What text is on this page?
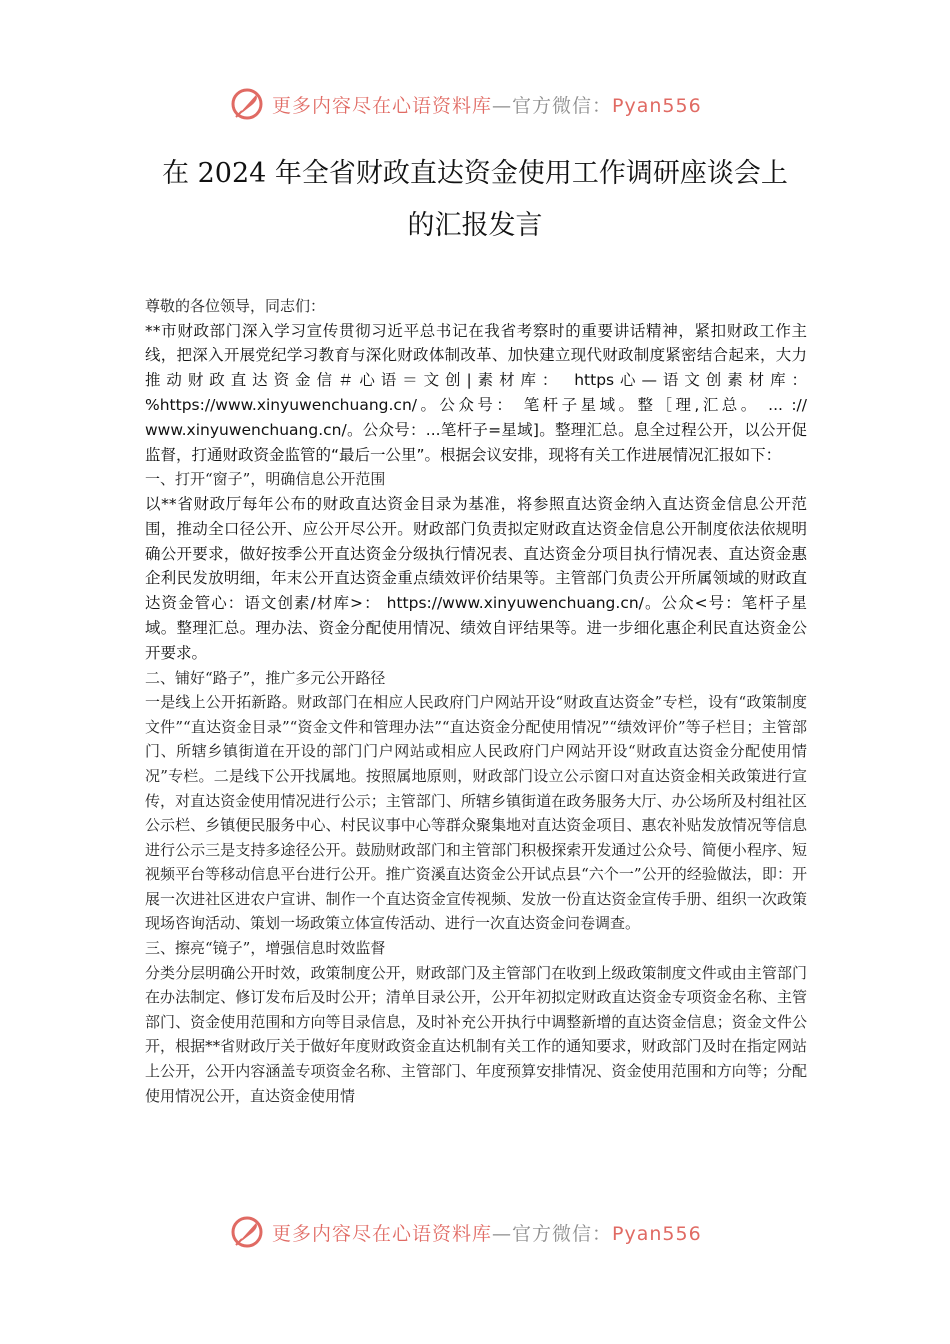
更多内容尽在心语资料库—官方微信：Pyan556
在 2024 年全省财政直达资金使用工作调研座谈会上
的汇报发言

尊敬的各位领导，同志们：

**市财政部门深入学习宣传贯彻习近平总书记在我省考察时的重要讲话精神，紧扣财政工作主线，把深入开展党纪学习教育与深化财政体制改革、加快建立现代财政制度紧密结合起来，大力推动财政直达资金信＃心语＝文创|素材库： https心—语文创素材库：%https://www.xinyuwenchuang.cn/。公众号： 笔杆子星域。整［理,汇总。 ... :// www.xinyuwenchuang.cn/。公众号：...笔杆子=星域]。整理汇总。息全过程公开，以公开促监督，打通财政资金监管的“最后一公里”。根据会议安排，现将有关工作进展情况汇报如下：

一、打开“窗子”，明确信息公开范围

以**省财政厅每年公布的财政直达资金目录为基准，将参照直达资金纳入直达资金信息公开范围，推动全口径公开、应公开尽公开。财政部门负责拟定财政直达资金信息公开制度依法依规明确公开要求，做好按季公开直达资金分级执行情况表、直达资金分项目执行情况表、直达资金惠企利民发放明细，年末公开直达资金重点绩效评价结果等。主管部门负责公开所属领域的财政直达资金管心：语文创素/材库>： https://www.xinyuwenchuang.cn/。公众<号：笔杆子星域。整理汇总。理办法、资金分配使用情况、绩效自评结果等。进一步细化惠企利民直达资金公开要求。

二、铺好“路子”，推广多元公开路径

一是线上公开拓新路。财政部门在相应人民政府门户网站开设“财政直达资金”专栏，设有“政策制度文件”“直达资金目录”“资金文件和管理办法”“直达资金分配使用情况”“绩效评价”等子栏目；主管部门、所辖乡镇街道在开设的部门门户网站或相应人民政府门户网站开设“财政直达资金分配使用情况”专栏。二是线下公开找属地。按照属地原则，财政部门设立公示窗口对直达资金相关政策进行宣传，对直达资金使用情况进行公示；主管部门、所辖乡镇街道在政务服务大厅、办公场所及村组社区公示栏、乡镇便民服务中心、村民议事中心等群众聚集地对直达资金项目、惠农补贴发放情况等信息进行公示三是支持多途径公开。鼓励财政部门和主管部门积极探索开发通过公众号、简便小程序、短视频平台等移动信息平台进行公开。推广资溪直达资金公开试点县“六个一”公开的经验做法，即：开展一次进社区进农户宣讲、制作一个直达资金宣传视频、发放一份直达资金宣传手册、组织一次政策现场咨询活动、策划一场政策立体宣传活动、进行一次直达资金问卷调查。

三、擦亮“镜子”，增强信息时效监督

分类分层明确公开时效，政策制度公开，财政部门及主管部门在收到上级政策制度文件或由主管部门在办法制定、修订发布后及时公开；清单目录公开，公开年初拟定财政直达资金专项资金名称、主管部门、资金使用范围和方向等目录信息，及时补充公开执行中调整新增的直达资金信息；资金文件公开，根据**省财政厅关于做好年度财政资金直达机制有关工作的通知要求，财政部门及时在指定网站上公开，公开内容涵盖专项资金名称、主管部门、年度预算安排情况、资金使用范围和方向等；分配使用情况公开，直达资金使用情

更多内容尽在心语资料库—官方微信：Pyan556
